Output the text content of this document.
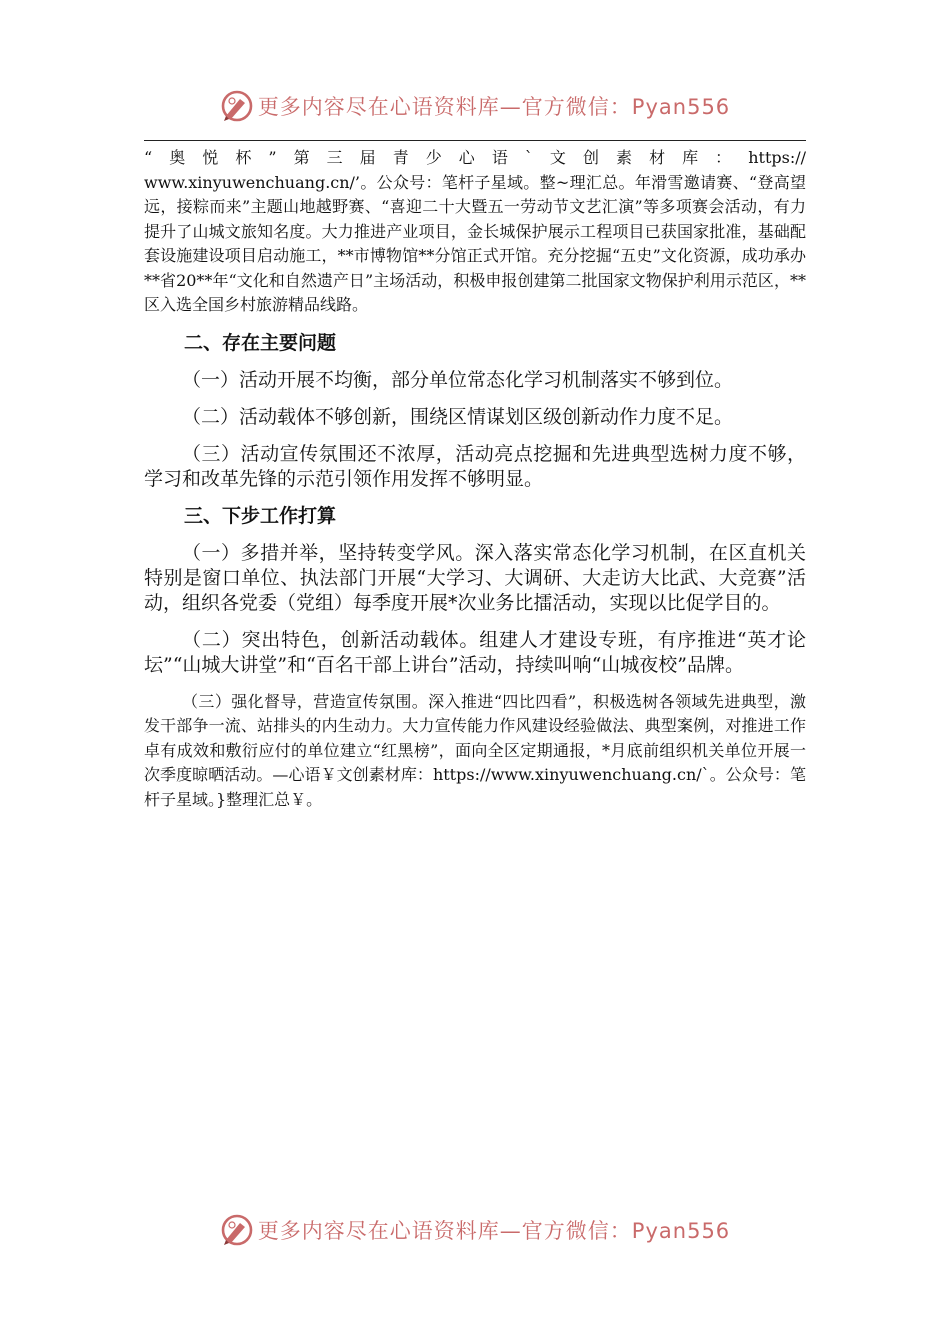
更多内容尽在心语资料库—官方微信：Pyan556

“奥悦杯”第三届青少心语`文创素材库：https://

www.xinyuwenchuang.cn/’。公众号：笔杆子星域。整~理汇总。年滑雪邀请赛、“登高望远，接粽而来”主题山地越野赛、“喜迎二十大暨五一劳动节文艺汇演”等多项赛会活动，有力提升了山城文旅知名度。大力推进产业项目，金长城保护展示工程项目已获国家批准，基础配套设施建设项目启动施工，**市博物馆**分馆正式开馆。充分挖掘“五史”文化资源，成功承办**省20**年“文化和自然遗产日”主场活动，积极申报创建第二批国家文物保护利用示范区，**区入选全国乡村旅游精品线路。

二、存在主要问题

（一）活动开展不均衡，部分单位常态化学习机制落实不够到位。

（二）活动载体不够创新，围绕区情谋划区级创新动作力度不足。

（三）活动宣传氛围还不浓厚，活动亮点挖掘和先进典型选树力度不够，学习和改革先锋的示范引领作用发挥不够明显。

三、下步工作打算

（一）多措并举，坚持转变学风。深入落实常态化学习机制，在区直机关特别是窗口单位、执法部门开展“大学习、大调研、大走访大比武、大竞赛”活动，组织各党委（党组）每季度开展*次业务比擂活动，实现以比促学目的。

（二）突出特色，创新活动载体。组建人才建设专班，有序推进“英才论坛”“山城大讲堂”和“百名干部上讲台”活动，持续叫响“山城夜校”品牌。

（三）强化督导，营造宣传氛围。深入推进“四比四看”，积极选树各领域先进典型，激发干部争一流、站排头的内生动力。大力宣传能力作风建设经验做法、典型案例，对推进工作卓有成效和敷衍应付的单位建立“红黑榜”，面向全区定期通报，*月底前组织机关单位开展一次季度晾晒活动。—心语￥文创素材库：https://www.xinyuwenchuang.cn/`。公众号：笔杆子星域。}整理汇总￥。

更多内容尽在心语资料库—官方微信：Pyan556
